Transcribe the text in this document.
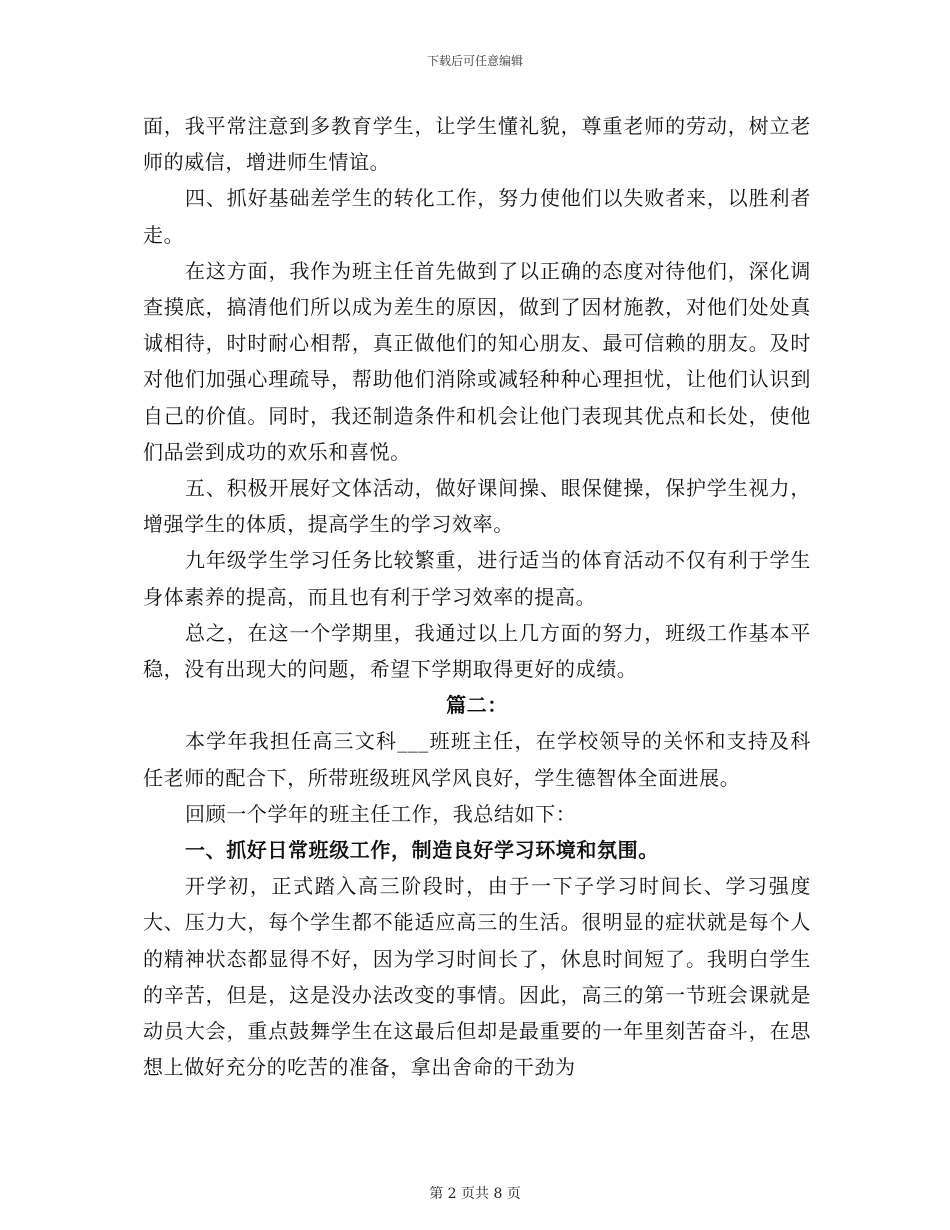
下载后可任意编辑

面，我平常注意到多教育学生，让学生懂礼貌，尊重老师的劳动，树立老师的威信，增进师生情谊。

四、抓好基础差学生的转化工作，努力使他们以失败者来，以胜利者走。

在这方面，我作为班主任首先做到了以正确的态度对待他们，深化调查摸底，搞清他们所以成为差生的原因，做到了因材施教，对他们处处真诚相待，时时耐心相帮，真正做他们的知心朋友、最可信赖的朋友。及时对他们加强心理疏导，帮助他们消除或减轻种种心理担忧，让他们认识到自己的价值。同时，我还制造条件和机会让他门表现其优点和长处，使他们品尝到成功的欢乐和喜悦。

五、积极开展好文体活动，做好课间操、眼保健操，保护学生视力，增强学生的体质，提高学生的学习效率。

九年级学生学习任务比较繁重，进行适当的体育活动不仅有利于学生身体素养的提高，而且也有利于学习效率的提高。

总之，在这一个学期里，我通过以上几方面的努力，班级工作基本平稳，没有出现大的问题，希望下学期取得更好的成绩。

篇二：

本学年我担任高三文科___班班主任，在学校领导的关怀和支持及科任老师的配合下，所带班级班风学风良好，学生德智体全面进展。

回顾一个学年的班主任工作，我总结如下：

一、抓好日常班级工作，制造良好学习环境和氛围。

开学初，正式踏入高三阶段时，由于一下子学习时间长、学习强度大、压力大，每个学生都不能适应高三的生活。很明显的症状就是每个人的精神状态都显得不好，因为学习时间长了，休息时间短了。我明白学生的辛苦，但是，这是没办法改变的事情。因此，高三的第一节班会课就是动员大会，重点鼓舞学生在这最后但却是最重要的一年里刻苦奋斗，在思想上做好充分的吃苦的准备，拿出舍命的干劲为

第 2 页共 8 页
